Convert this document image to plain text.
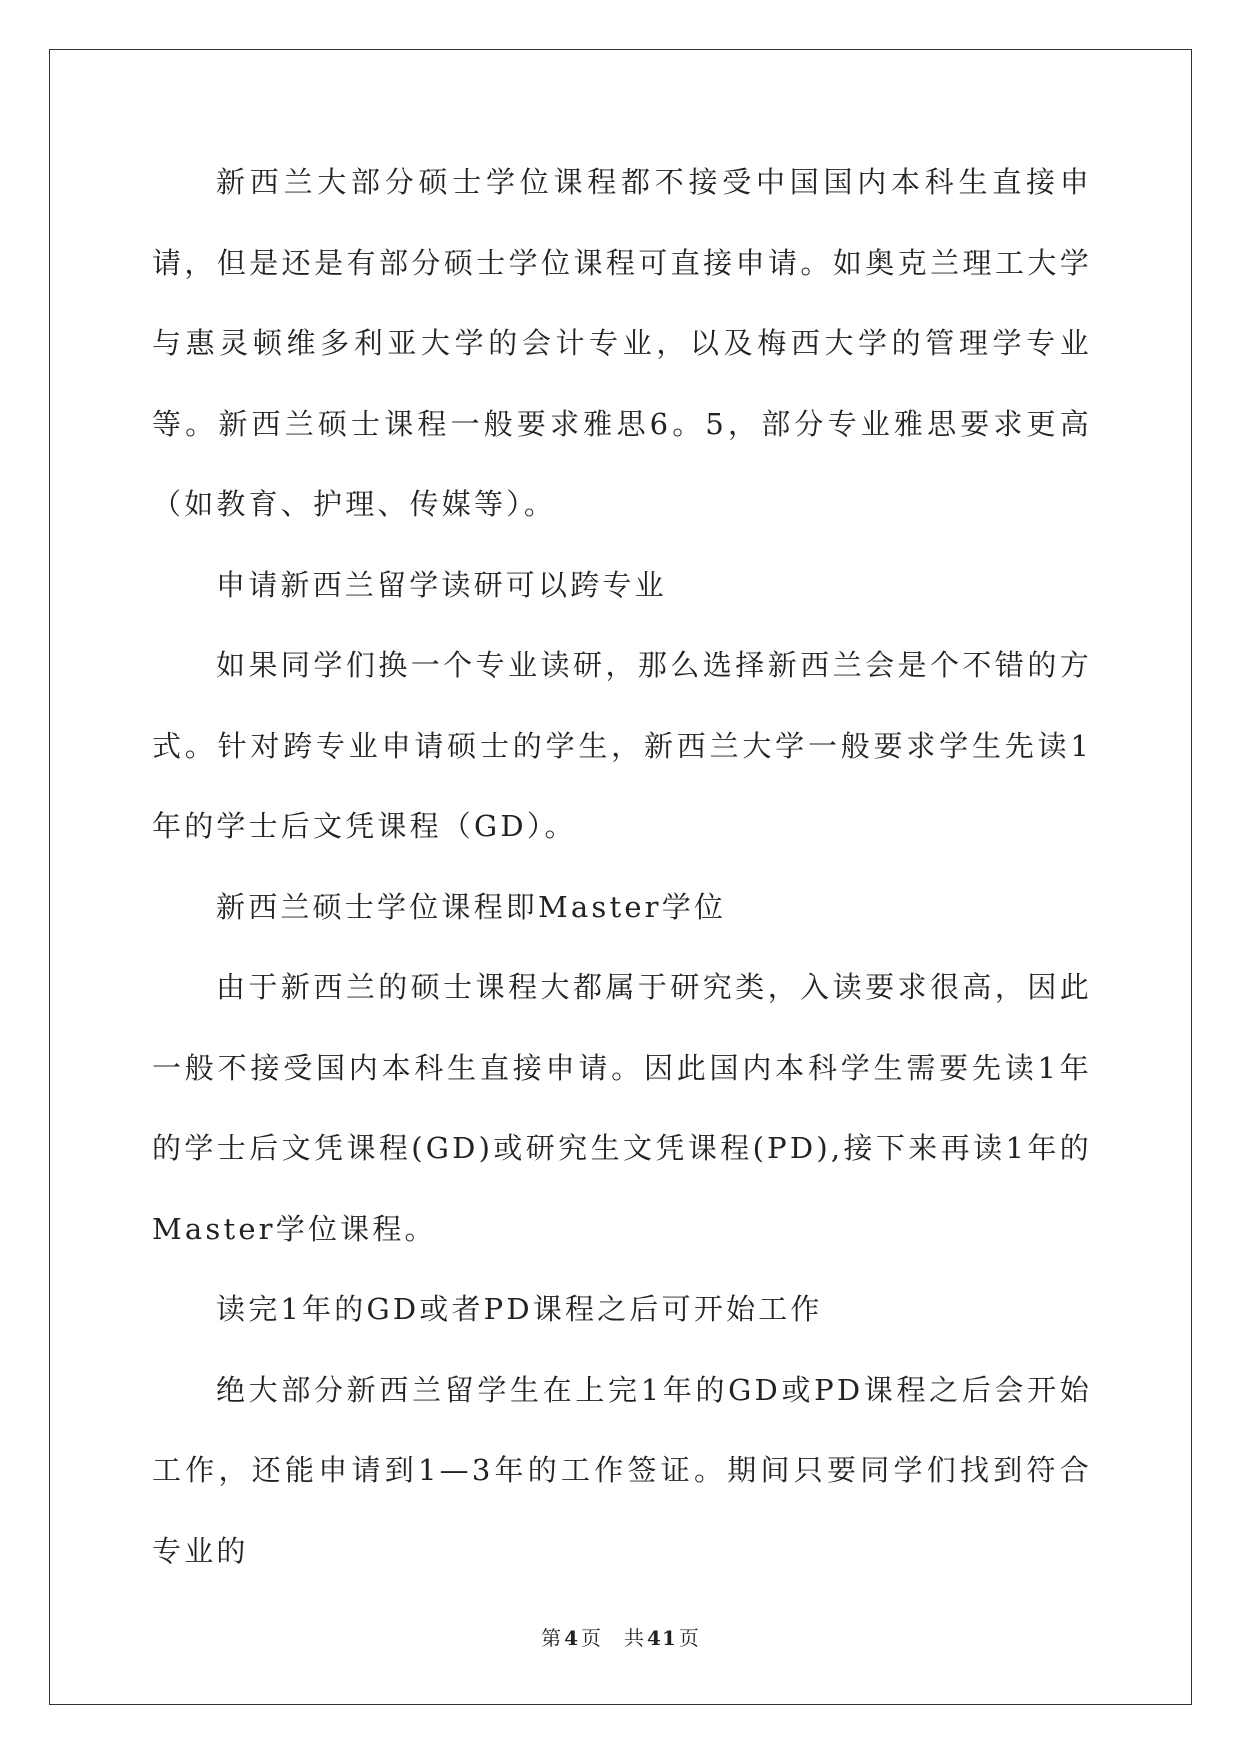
新西兰大部分硕士学位课程都不接受中国国内本科生直接申请，但是还是有部分硕士学位课程可直接申请。如奥克兰理工大学与惠灵顿维多利亚大学的会计专业，以及梅西大学的管理学专业等。新西兰硕士课程一般要求雅思6。5，部分专业雅思要求更高（如教育、护理、传媒等）。

申请新西兰留学读研可以跨专业

如果同学们换一个专业读研，那么选择新西兰会是个不错的方式。针对跨专业申请硕士的学生，新西兰大学一般要求学生先读1年的学士后文凭课程（GD）。

新西兰硕士学位课程即Master学位

由于新西兰的硕士课程大都属于研究类，入读要求很高，因此一般不接受国内本科生直接申请。因此国内本科学生需要先读1年的学士后文凭课程(GD)或研究生文凭课程(PD),接下来再读1年的Master学位课程。

读完1年的GD或者PD课程之后可开始工作

绝大部分新西兰留学生在上完1年的GD或PD课程之后会开始工作，还能申请到1—3年的工作签证。期间只要同学们找到符合专业的

第 4 页 共 41 页
